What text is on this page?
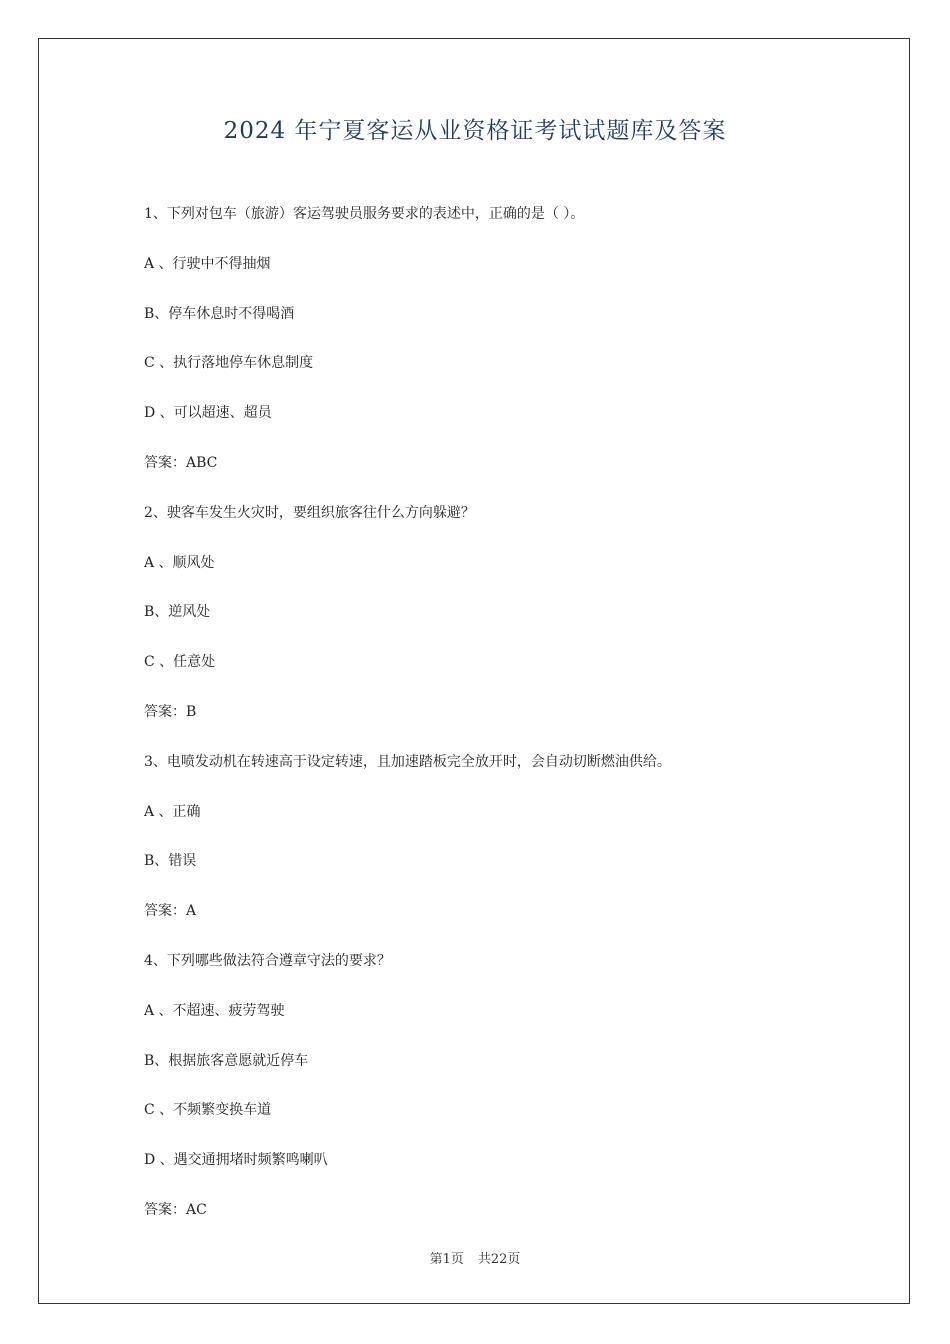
2024 年宁夏客运从业资格证考试试题库及答案
1、下列对包车（旅游）客运驾驶员服务要求的表述中，正确的是（ ）。
A 、行驶中不得抽烟
B、停车休息时不得喝酒
C 、执行落地停车休息制度
D 、可以超速、超员
答案：ABC
2、驶客车发生火灾时，要组织旅客往什么方向躲避？
A 、顺风处
B、逆风处
C 、任意处
答案：B
3、电喷发动机在转速高于设定转速，且加速踏板完全放开时，会自动切断燃油供给。
A 、正确
B、错误
答案：A
4、下列哪些做法符合遵章守法的要求？
A 、不超速、疲劳驾驶
B、根据旅客意愿就近停车
C 、不频繁变换车道
D 、遇交通拥堵时频繁鸣喇叭
答案：AC
第1页 共22页
